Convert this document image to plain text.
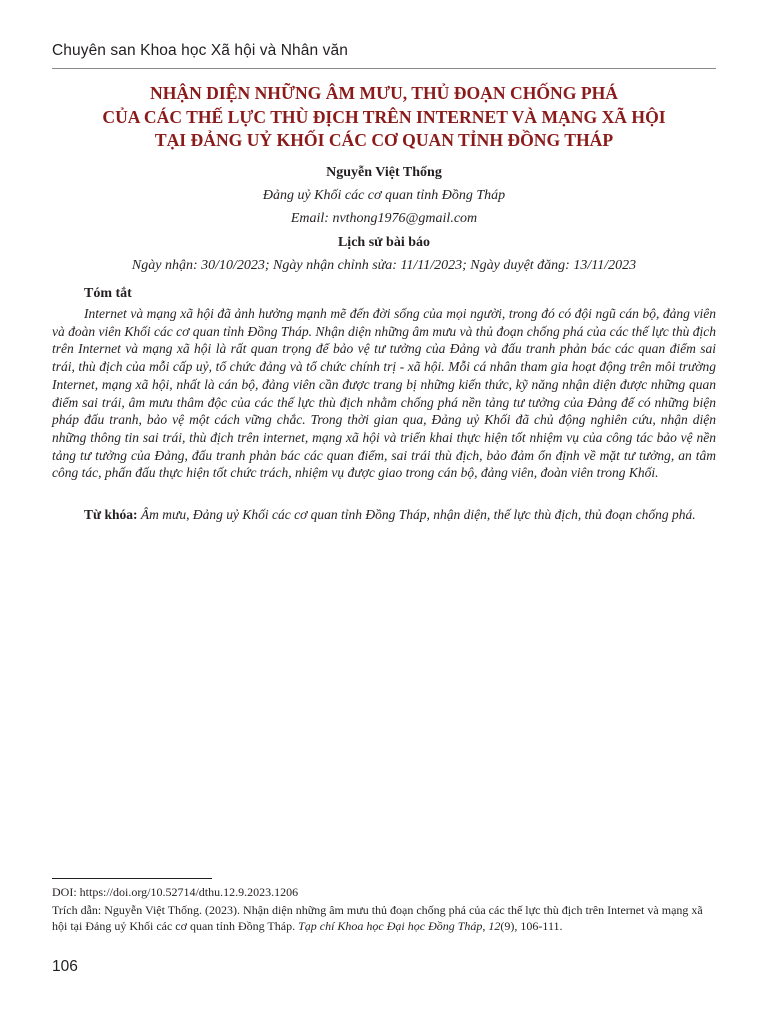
Chuyên san Khoa học Xã hội và Nhân văn
NHẬN DIỆN NHỮNG ÂM MƯU, THỦ ĐOẠN CHỐNG PHÁ
CỦA CÁC THẾ LỰC THÙ ĐỊCH TRÊN INTERNET VÀ MẠNG XÃ HỘI
TẠI ĐẢNG UỶ KHỐI CÁC CƠ QUAN TỈNH ĐỒNG THÁP
Nguyễn Việt Thống
Đảng uỷ Khối các cơ quan tỉnh Đồng Tháp
Email: nvthong1976@gmail.com
Lịch sử bài báo
Ngày nhận: 30/10/2023; Ngày nhận chỉnh sửa: 11/11/2023; Ngày duyệt đăng: 13/11/2023
Tóm tắt

Internet và mạng xã hội đã ảnh hưởng mạnh mẽ đến đời sống của mọi người, trong đó có đội ngũ cán bộ, đảng viên và đoàn viên Khối các cơ quan tỉnh Đồng Tháp. Nhận diện những âm mưu và thủ đoạn chống phá của các thế lực thù địch trên Internet và mạng xã hội là rất quan trọng để bảo vệ tư tưởng của Đảng và đấu tranh phản bác các quan điểm sai trái, thù địch của mỗi cấp uỷ, tổ chức đảng và tổ chức chính trị - xã hội. Mỗi cá nhân tham gia hoạt động trên môi trường Internet, mạng xã hội, nhất là cán bộ, đảng viên cần được trang bị những kiến thức, kỹ năng nhận diện được những quan điểm sai trái, âm mưu thâm độc của các thế lực thù địch nhằm chống phá nền tảng tư tưởng của Đảng để có những biện pháp đấu tranh, bảo vệ một cách vững chắc. Trong thời gian qua, Đảng uỷ Khối đã chủ động nghiên cứu, nhận diện những thông tin sai trái, thù địch trên internet, mạng xã hội và triển khai thực hiện tốt nhiệm vụ của công tác bảo vệ nền tảng tư tưởng của Đảng, đấu tranh phản bác các quan điểm, sai trái thù địch, bảo đảm ổn định về mặt tư tưởng, an tâm công tác, phấn đấu thực hiện tốt chức trách, nhiệm vụ được giao trong cán bộ, đảng viên, đoàn viên trong Khối.

Từ khóa: Âm mưu, Đảng uỷ Khối các cơ quan tỉnh Đồng Tháp, nhận diện, thế lực thù địch, thủ đoạn chống phá.

DOI: https://doi.org/10.52714/dthu.12.9.2023.1206

Trích dẫn: Nguyễn Việt Thống. (2023). Nhận diện những âm mưu thủ đoạn chống phá của các thế lực thù địch trên Internet và mạng xã hội tại Đảng uỷ Khối các cơ quan tỉnh Đồng Tháp. Tạp chí Khoa học Đại học Đồng Tháp, 12(9), 106-111.

106
